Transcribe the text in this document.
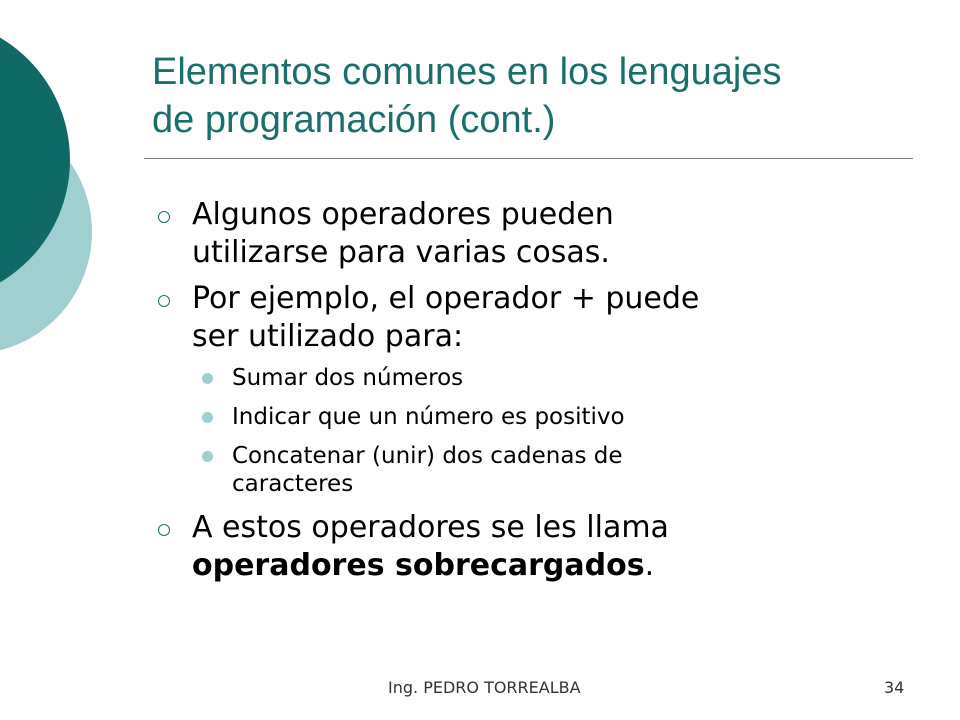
Elementos comunes en los lenguajes
de programación (cont.)
Algunos operadores pueden
utilizarse para varias cosas.
Por ejemplo, el operador + puede
ser utilizado para:
Sumar dos números
Indicar que un número es positivo
Concatenar (unir) dos cadenas de
caracteres
A estos operadores se les llama
operadores sobrecargados.
Ing. PEDRO TORREALBA	34
